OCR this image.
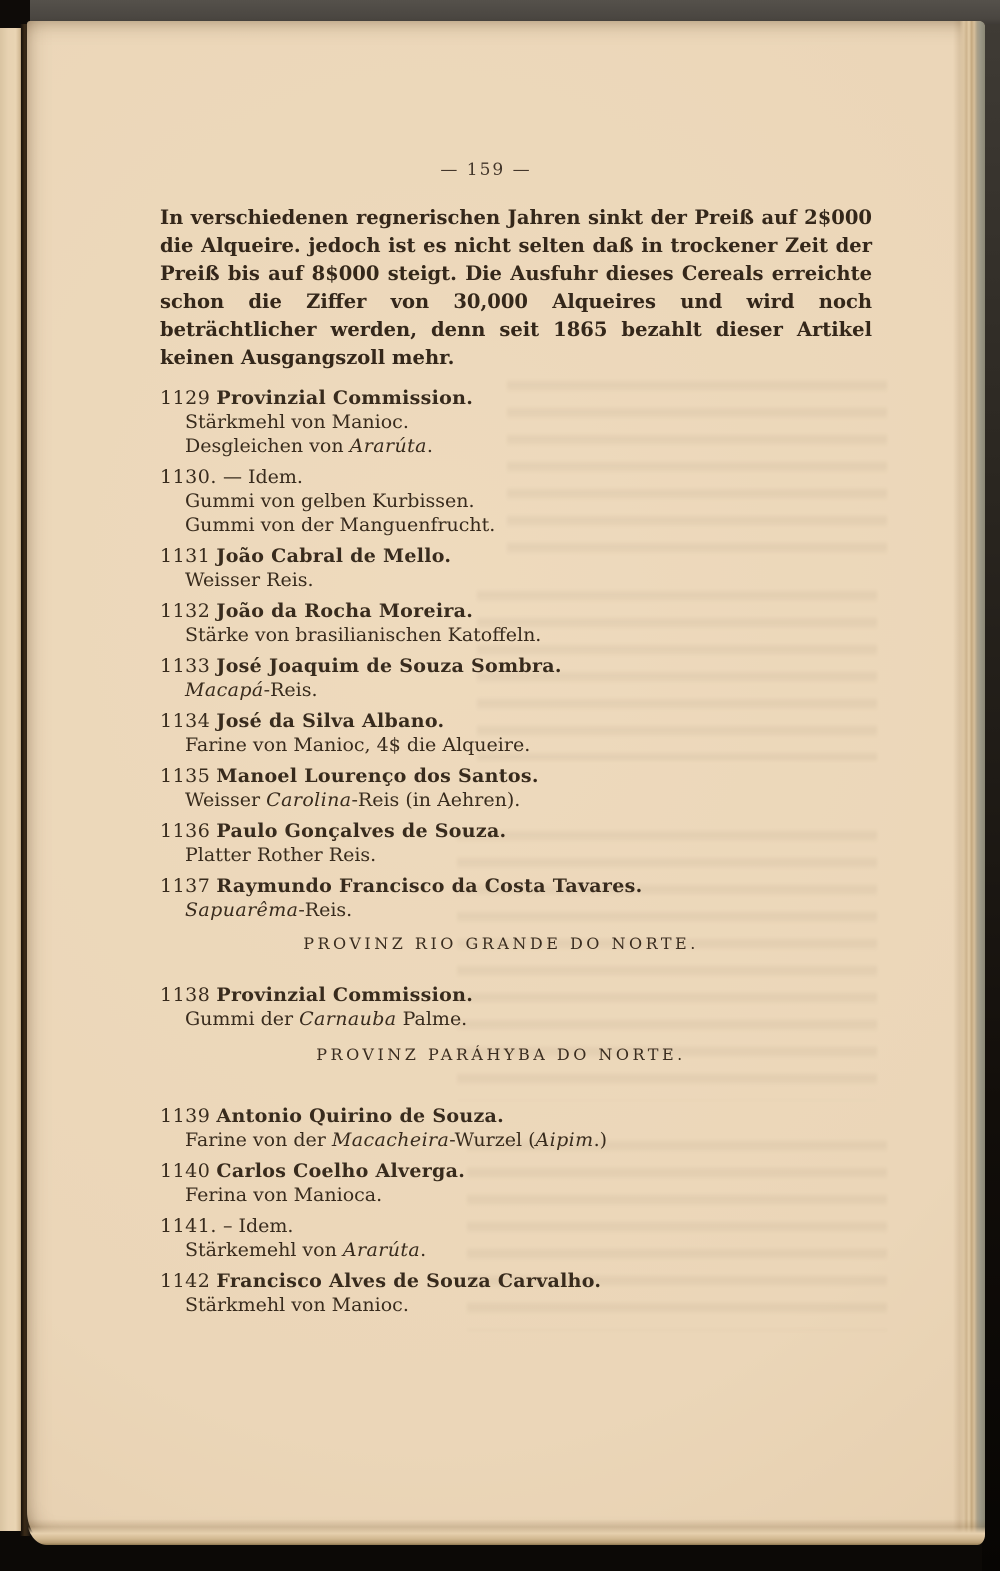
— 159 —
In verschiedenen regnerischen Jahren sinkt der Preiß auf 2$000 die Alqueire. jedoch ist es nicht selten daß in trockener Zeit der Preiß bis auf 8$000 steigt. Die Ausfuhr dieses Cereals erreichte schon die Ziffer von 30,000 Alqueires und wird noch beträchtlicher werden, denn seit 1865 bezahlt dieser Artikel keinen Ausgangszoll mehr.
1129 Provinzial Commission.
Stärkmehl von Manioc.
Desgleichen von Ararúta.
1130. — Idem.
Gummi von gelben Kurbissen.
Gummi von der Manguenfrucht.
1131 João Cabral de Mello.
Weisser Reis.
1132 João da Rocha Moreira.
Stärke von brasilianischen Katoffeln.
1133 José Joaquim de Souza Sombra.
Macapá-Reis.
1134 José da Silva Albano.
Farine von Manioc, 4$ die Alqueire.
1135 Manoel Lourenço dos Santos.
Weisser Carolina-Reis (in Aehren).
1136 Paulo Gonçalves de Souza.
Platter Rother Reis.
1137 Raymundo Francisco da Costa Tavares.
Sapuarêma-Reis.
PROVINZ RIO GRANDE DO NORTE.
1138 Provinzial Commission.
Gummi der Carnauba Palme.
PROVINZ PARÁHYBA DO NORTE.
1139 Antonio Quirino de Souza.
Farine von der Macacheira-Wurzel (Aipim.)
1140 Carlos Coelho Alverga.
Ferina von Manioca.
1141. – Idem.
Stärkemehl von Ararúta.
1142 Francisco Alves de Souza Carvalho.
Stärkmehl von Manioc.
